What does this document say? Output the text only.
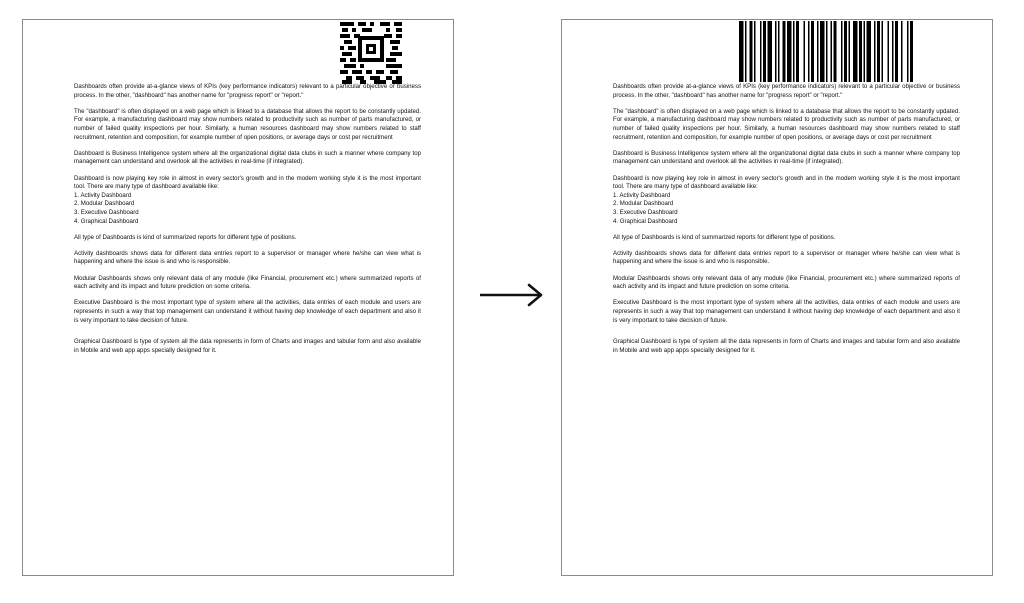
Dashboards often provide at-a-glance views of KPIs (key performance indicators) relevant to a particular objective or business process. In the other, "dashboard" has another name for "progress report" or "report."

The "dashboard" is often displayed on a web page which is linked to a database that allows the report to be constantly updated. For example, a manufacturing dashboard may show numbers related to productivity such as number of parts manufactured, or number of failed quality inspections per hour. Similarly, a human resources dashboard may show numbers related to staff recruitment, retention and composition, for example number of open positions, or average days or cost per recruitment

Dashboard is Business Intelligence system where all the organizational digital data clubs in such a manner where company top management can understand and overlook all the activities in real-time (if integrated).

Dashboard is now playing key role in almost in every sector's growth and in the modern working style it is the most important tool. There are many type of dashboard available like:

1. Activity Dashboard
2. Modular Dashboard
3. Executive Dashboard
4. Graphical Dashboard

All type of Dashboards is kind of summarized reports for different type of positions.

Activity dashboards shows data for different data entries report to a supervisor or manager where he/she can view what is happening and where the issue is and who is responsible.

Modular Dashboards shows only relevant data of any module (like Financial, procurement etc.) where summarized reports of each activity and its impact and future prediction on some criteria.

Executive Dashboard is the most important type of system where all the activities, data entries of each module and users are represents in such a way that top management can understand it without having dep knowledge of each department and also it is very important to take decision of future.

Graphical Dashboard is type of system all the data represents in form of Charts and images and tabular form and also available in Mobile and web app apps specially designed for it.

Dashboards often provide at-a-glance views of KPIs (key performance indicators) relevant to a particular objective or business process. In the other, "dashboard" has another name for "progress report" or "report."

The "dashboard" is often displayed on a web page which is linked to a database that allows the report to be constantly updated. For example, a manufacturing dashboard may show numbers related to productivity such as number of parts manufactured, or number of failed quality inspections per hour. Similarly, a human resources dashboard may show numbers related to staff recruitment, retention and composition, for example number of open positions, or average days or cost per recruitment

Dashboard is Business Intelligence system where all the organizational digital data clubs in such a manner where company top management can understand and overlook all the activities in real-time (if integrated).

Dashboard is now playing key role in almost in every sector's growth and in the modern working style it is the most important tool. There are many type of dashboard available like:

1. Activity Dashboard
2. Modular Dashboard
3. Executive Dashboard
4. Graphical Dashboard

All type of Dashboards is kind of summarized reports for different type of positions.

Activity dashboards shows data for different data entries report to a supervisor or manager where he/she can view what is happening and where the issue is and who is responsible.

Modular Dashboards shows only relevant data of any module (like Financial, procurement etc.) where summarized reports of each activity and its impact and future prediction on some criteria.

Executive Dashboard is the most important type of system where all the activities, data entries of each module and users are represents in such a way that top management can understand it without having dep knowledge of each department and also it is very important to take decision of future.

Graphical Dashboard is type of system all the data represents in form of Charts and images and tabular form and also available in Mobile and web app apps specially designed for it.
